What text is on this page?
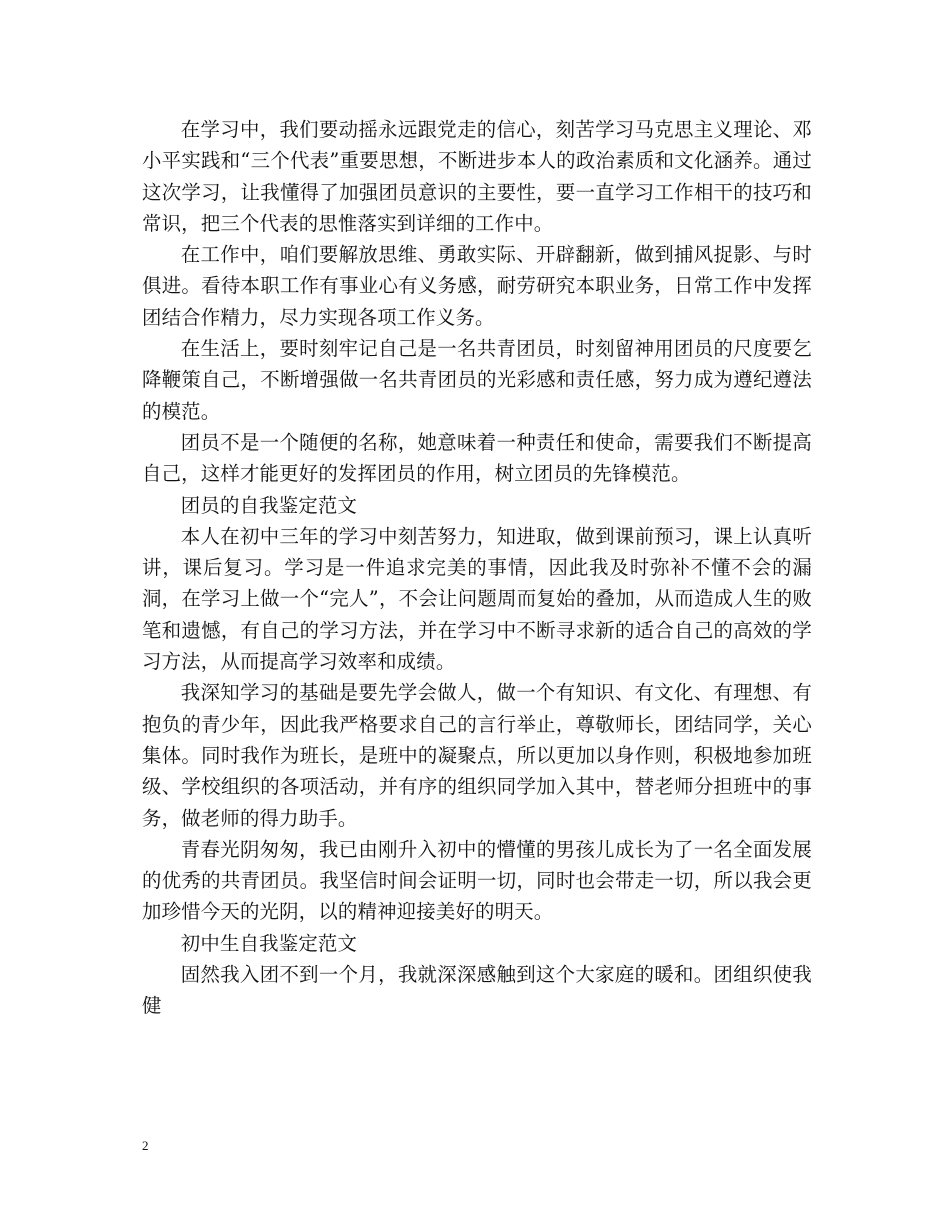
在学习中，我们要动摇永远跟党走的信心，刻苦学习马克思主义理论、邓小平实践和“三个代表”重要思想，不断进步本人的政治素质和文化涵养。通过这次学习，让我懂得了加强团员意识的主要性，要一直学习工作相干的技巧和常识，把三个代表的思惟落实到详细的工作中。

在工作中，咱们要解放思维、勇敢实际、开辟翻新，做到捕风捉影、与时俱进。看待本职工作有事业心有义务感，耐劳研究本职业务，日常工作中发挥团结合作精力，尽力实现各项工作义务。

在生活上，要时刻牢记自己是一名共青团员，时刻留神用团员的尺度要乞降鞭策自己，不断增强做一名共青团员的光彩感和责任感，努力成为遵纪遵法的模范。

团员不是一个随便的名称，她意味着一种责任和使命，需要我们不断提高自己，这样才能更好的发挥团员的作用，树立团员的先锋模范。

团员的自我鉴定范文

本人在初中三年的学习中刻苦努力，知进取，做到课前预习，课上认真听讲，课后复习。学习是一件追求完美的事情，因此我及时弥补不懂不会的漏洞，在学习上做一个“完人”，不会让问题周而复始的叠加，从而造成人生的败笔和遗憾，有自己的学习方法，并在学习中不断寻求新的适合自己的高效的学习方法，从而提高学习效率和成绩。

我深知学习的基础是要先学会做人，做一个有知识、有文化、有理想、有抱负的青少年，因此我严格要求自己的言行举止，尊敬师长，团结同学，关心集体。同时我作为班长，是班中的凝聚点，所以更加以身作则，积极地参加班级、学校组织的各项活动，并有序的组织同学加入其中，替老师分担班中的事务，做老师的得力助手。

青春光阴匆匆，我已由刚升入初中的懵懂的男孩儿成长为了一名全面发展的优秀的共青团员。我坚信时间会证明一切，同时也会带走一切，所以我会更加珍惜今天的光阴，以的精神迎接美好的明天。

初中生自我鉴定范文

固然我入团不到一个月，我就深深感触到这个大家庭的暖和。团组织使我健

2
